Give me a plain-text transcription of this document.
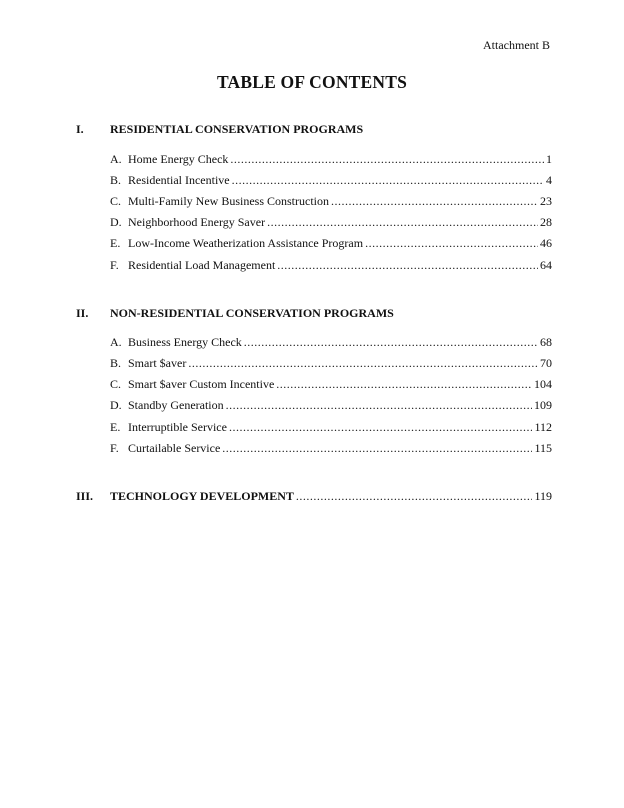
Attachment B
TABLE OF CONTENTS
I.	RESIDENTIAL CONSERVATION PROGRAMS
A. Home Energy Check .....	1
B. Residential Incentive .....	4
C. Multi-Family New Business Construction .....	23
D. Neighborhood Energy Saver .....	28
E. Low-Income Weatherization Assistance Program .....	46
F. Residential Load Management .....	64
II.	NON-RESIDENTIAL CONSERVATION PROGRAMS
A. Business Energy Check .....	68
B. Smart $aver .....	70
C. Smart $aver Custom Incentive .....	104
D. Standby Generation .....	109
E. Interruptible Service .....	112
F. Curtailable Service .....	115
III.	TECHNOLOGY DEVELOPMENT .....	119
